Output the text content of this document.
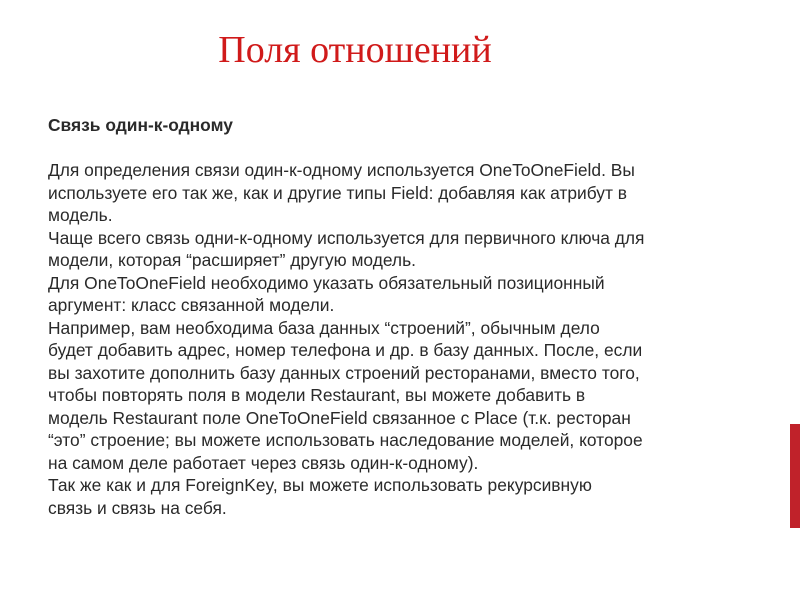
Поля отношений
Связь один-к-одному
Для определения связи один-к-одному используется OneToOneField. Вы
используете его так же, как и другие типы Field: добавляя как атрибут в
модель.
Чаще всего связь одни-к-одному используется для первичного ключа для
модели, которая “расширяет” другую модель.
Для OneToOneField необходимо указать обязательный позиционный
аргумент: класс связанной модели.
Например, вам необходима база данных “строений”, обычным дело
будет добавить адрес, номер телефона и др. в базу данных. После, если
вы захотите дополнить базу данных строений ресторанами, вместо того,
чтобы повторять поля в модели Restaurant, вы можете добавить в
модель Restaurant поле OneToOneField связанное с Place (т.к. ресторан
“это” строение; вы можете использовать наследование моделей, которое
на самом деле работает через связь один-к-одному).
Так же как и для ForeignKey, вы можете использовать рекурсивную
связь и связь на себя.
